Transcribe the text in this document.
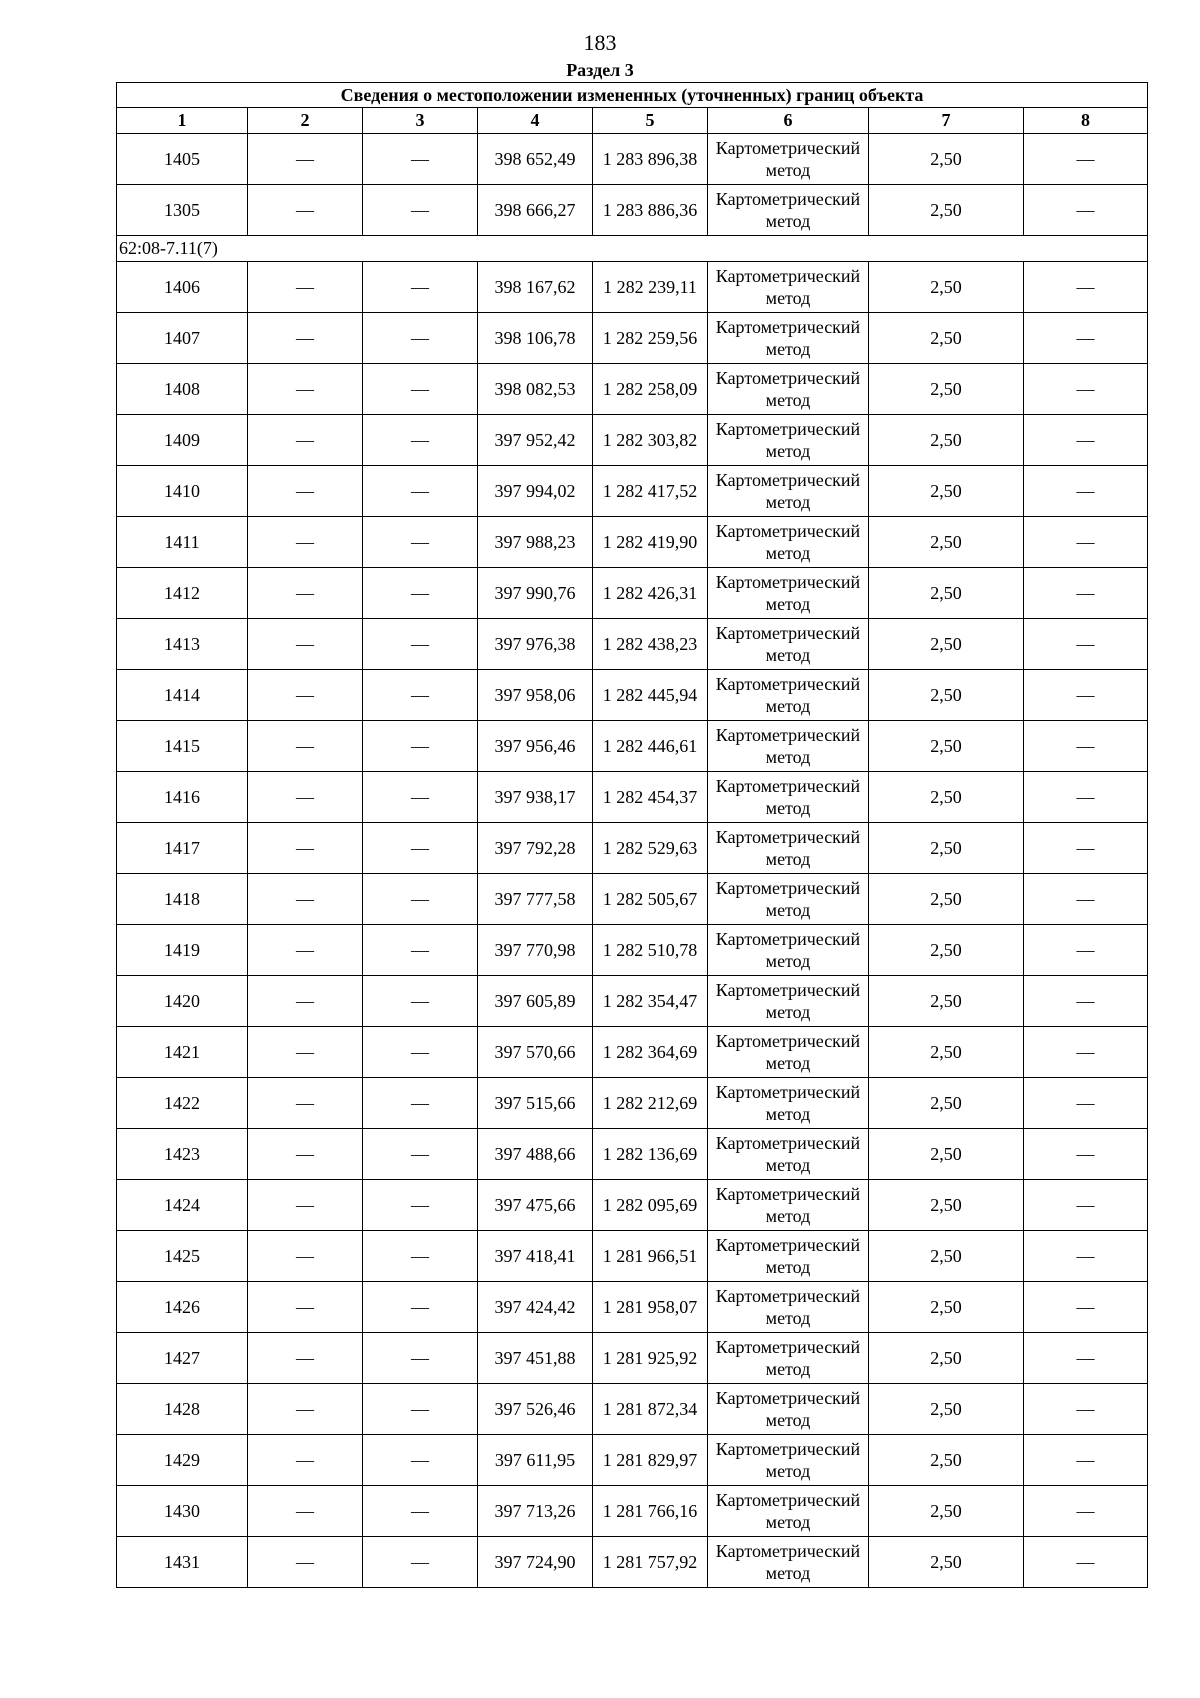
183
Раздел 3
Сведения о местоположении измененных (уточненных) границ объекта							
1	2	3	4	5	6	7	8
1405	—	—	398 652,49	1 283 896,38	Картометрический метод	2,50	—
1305	—	—	398 666,27	1 283 886,36	Картометрический метод	2,50	—
62:08-7.11(7)							
1406	—	—	398 167,62	1 282 239,11	Картометрический метод	2,50	—
1407	—	—	398 106,78	1 282 259,56	Картометрический метод	2,50	—
1408	—	—	398 082,53	1 282 258,09	Картометрический метод	2,50	—
1409	—	—	397 952,42	1 282 303,82	Картометрический метод	2,50	—
1410	—	—	397 994,02	1 282 417,52	Картометрический метод	2,50	—
1411	—	—	397 988,23	1 282 419,90	Картометрический метод	2,50	—
1412	—	—	397 990,76	1 282 426,31	Картометрический метод	2,50	—
1413	—	—	397 976,38	1 282 438,23	Картометрический метод	2,50	—
1414	—	—	397 958,06	1 282 445,94	Картометрический метод	2,50	—
1415	—	—	397 956,46	1 282 446,61	Картометрический метод	2,50	—
1416	—	—	397 938,17	1 282 454,37	Картометрический метод	2,50	—
1417	—	—	397 792,28	1 282 529,63	Картометрический метод	2,50	—
1418	—	—	397 777,58	1 282 505,67	Картометрический метод	2,50	—
1419	—	—	397 770,98	1 282 510,78	Картометрический метод	2,50	—
1420	—	—	397 605,89	1 282 354,47	Картометрический метод	2,50	—
1421	—	—	397 570,66	1 282 364,69	Картометрический метод	2,50	—
1422	—	—	397 515,66	1 282 212,69	Картометрический метод	2,50	—
1423	—	—	397 488,66	1 282 136,69	Картометрический метод	2,50	—
1424	—	—	397 475,66	1 282 095,69	Картометрический метод	2,50	—
1425	—	—	397 418,41	1 281 966,51	Картометрический метод	2,50	—
1426	—	—	397 424,42	1 281 958,07	Картометрический метод	2,50	—
1427	—	—	397 451,88	1 281 925,92	Картометрический метод	2,50	—
1428	—	—	397 526,46	1 281 872,34	Картометрический метод	2,50	—
1429	—	—	397 611,95	1 281 829,97	Картометрический метод	2,50	—
1430	—	—	397 713,26	1 281 766,16	Картометрический метод	2,50	—
1431	—	—	397 724,90	1 281 757,92	Картометрический метод	2,50	—
